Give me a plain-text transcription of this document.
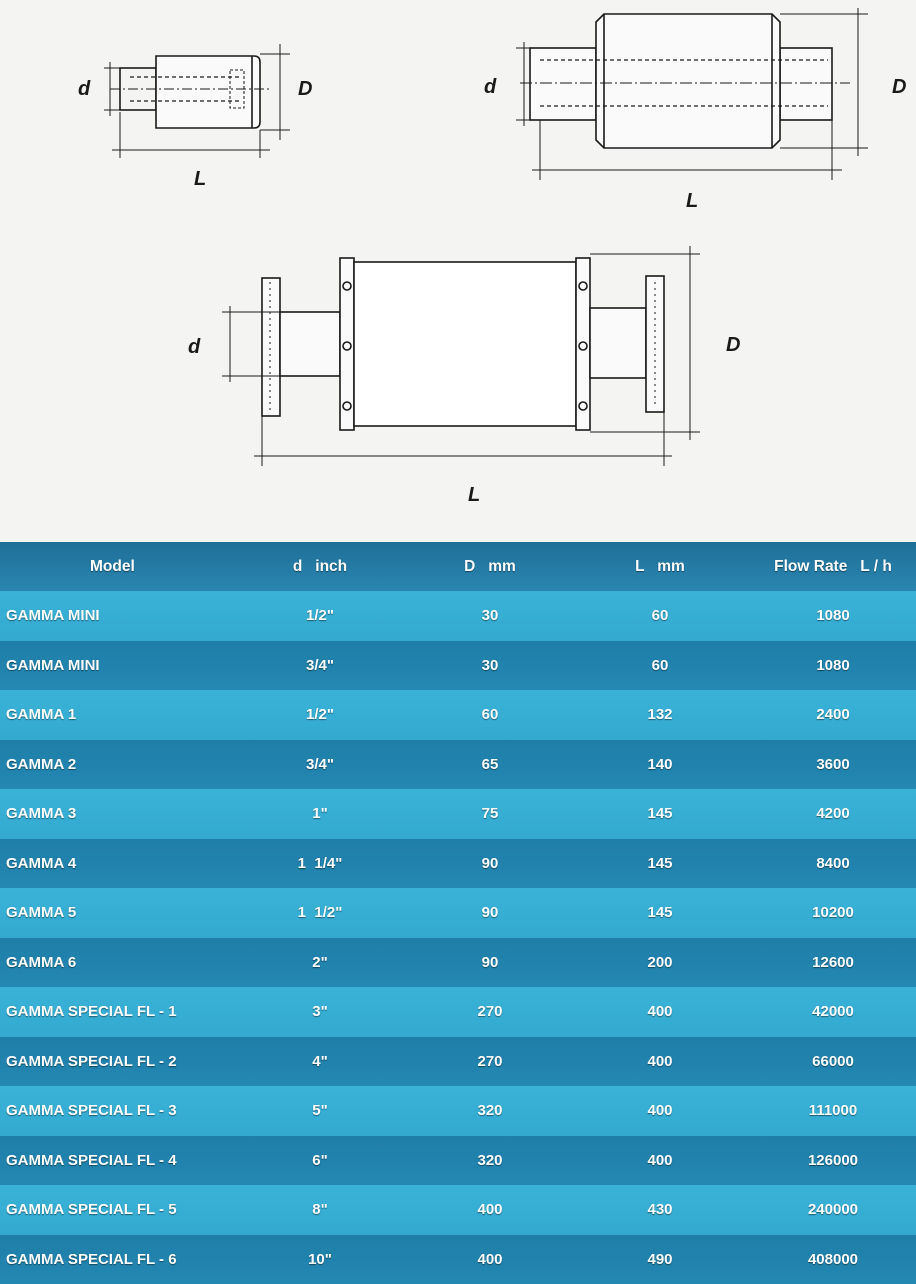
d	D
L
d	D
L
d	D
L
Model	d   inch	D   mm	L   mm	Flow Rate   L / h
GAMMA MINI	1/2"	30	60	1080
GAMMA MINI	3/4"	30	60	1080
GAMMA 1	1/2"	60	132	2400
GAMMA 2	3/4"	65	140	3600
GAMMA 3	1"	75	145	4200
GAMMA 4	1  1/4"	90	145	8400
GAMMA 5	1  1/2"	90	145	10200
GAMMA 6	2"	90	200	12600
GAMMA SPECIAL FL - 1	3"	270	400	42000
GAMMA SPECIAL FL - 2	4"	270	400	66000
GAMMA SPECIAL FL - 3	5"	320	400	111000
GAMMA SPECIAL FL - 4	6"	320	400	126000
GAMMA SPECIAL FL - 5	8"	400	430	240000
GAMMA SPECIAL FL - 6	10"	400	490	408000
